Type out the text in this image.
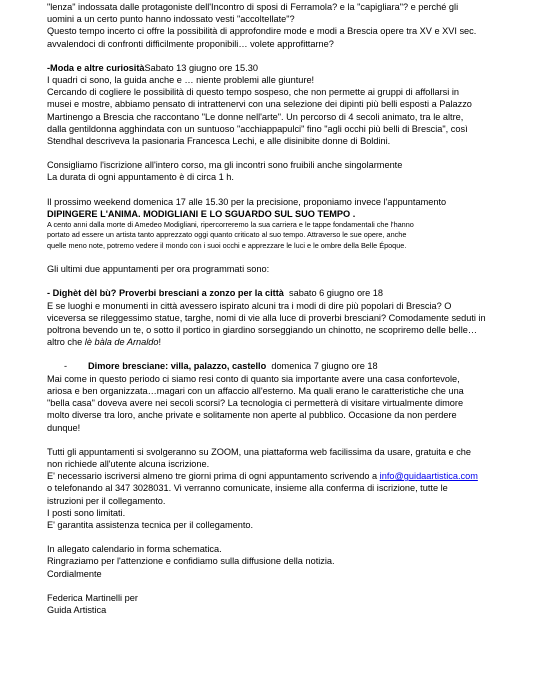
"lenza" indossata dalle protagoniste dell'Incontro di sposi di Ferramola? e la "capigliara"? e perché gli

uomini a un certo punto hanno indossato vesti "accoltellate"?

Questo tempo incerto ci offre la possibilità di approfondire mode e modi a Brescia opere tra XV e XVI sec.

avvalendoci di confronti difficilmente proponibili… volete approfittarne?

-Moda e altre curiositàSabato 13 giugno ore 15.30

I quadri ci sono, la guida anche e … niente problemi alle giunture!

Cercando di cogliere le possibilità di questo tempo sospeso, che non permette ai gruppi di affollarsi in

musei e mostre, abbiamo pensato di intrattenervi con una selezione dei dipinti più belli esposti a Palazzo

Martinengo a Brescia che raccontano "Le donne nell'arte". Un percorso di 4 secoli animato, tra le altre,

dalla gentildonna agghindata con un suntuoso "acchiappapulci" fino "agli occhi più belli di Brescia", così

Stendhal descriveva la pasionaria Francesca Lechi, e alle disinibite donne di Boldini.

Consigliamo l'iscrizione all'intero corso, ma gli incontri sono fruibili anche singolarmente

La durata di ogni appuntamento è di circa 1 h.

Il prossimo weekend domenica 17 alle 15.30 per la precisione, proponiamo invece l'appuntamento

DIPINGERE L'ANIMA. MODIGLIANI E LO SGUARDO SUL SUO TEMPO .

A cento anni dalla morte di Amedeo Modigliani, ripercorreremo la sua carriera e le tappe fondamentali che l'hanno

portato ad essere un artista tanto apprezzato oggi quanto criticato al suo tempo. Attraverso le sue opere, anche

quelle meno note, potremo vedere il mondo con i suoi occhi e apprezzare le luci e le ombre della Belle Époque.

Gli ultimi due appuntamenti per ora programmati sono:

- Dighèt dèl bù? Proverbi bresciani a zonzo per la città sabato 6 giugno ore 18

E se luoghi e monumenti in città avessero ispirato alcuni tra i modi di dire più popolari di Brescia? O

viceversa se rileggessimo statue, targhe, nomi di vie alla luce di proverbi bresciani? Comodamente seduti in

poltrona bevendo un te, o sotto il portico in giardino sorseggiando un chinotto, ne scopriremo delle belle…

altro che lè bàla de Arnaldo!

-	Dimore bresciane: villa, palazzo, castello domenica 7 giugno ore 18

Mai come in questo periodo ci siamo resi conto di quanto sia importante avere una casa confortevole,

ariosa e ben organizzata…magari con un affaccio all'esterno. Ma quali erano le caratteristiche che una

"bella casa" doveva avere nei secoli scorsi? La tecnologia ci permetterà di visitare virtualmente dimore

molto diverse tra loro, anche private e solitamente non aperte al pubblico. Occasione da non perdere

dunque!

Tutti gli appuntamenti si svolgeranno su ZOOM, una piattaforma web facilissima da usare, gratuita e che

non richiede all'utente alcuna iscrizione.

E' necessario iscriversi almeno tre giorni prima di ogni appuntamento scrivendo a info@guidaartistica.com

o telefonando al 347 3028031. Vi verranno comunicate, insieme alla conferma di iscrizione, tutte le

istruzioni per il collegamento.

I posti sono limitati.

E' garantita assistenza tecnica per il collegamento.

In allegato calendario in forma schematica.

Ringraziamo per l'attenzione e confidiamo sulla diffusione della notizia.

Cordialmente

Federica Martinelli per

Guida Artistica
